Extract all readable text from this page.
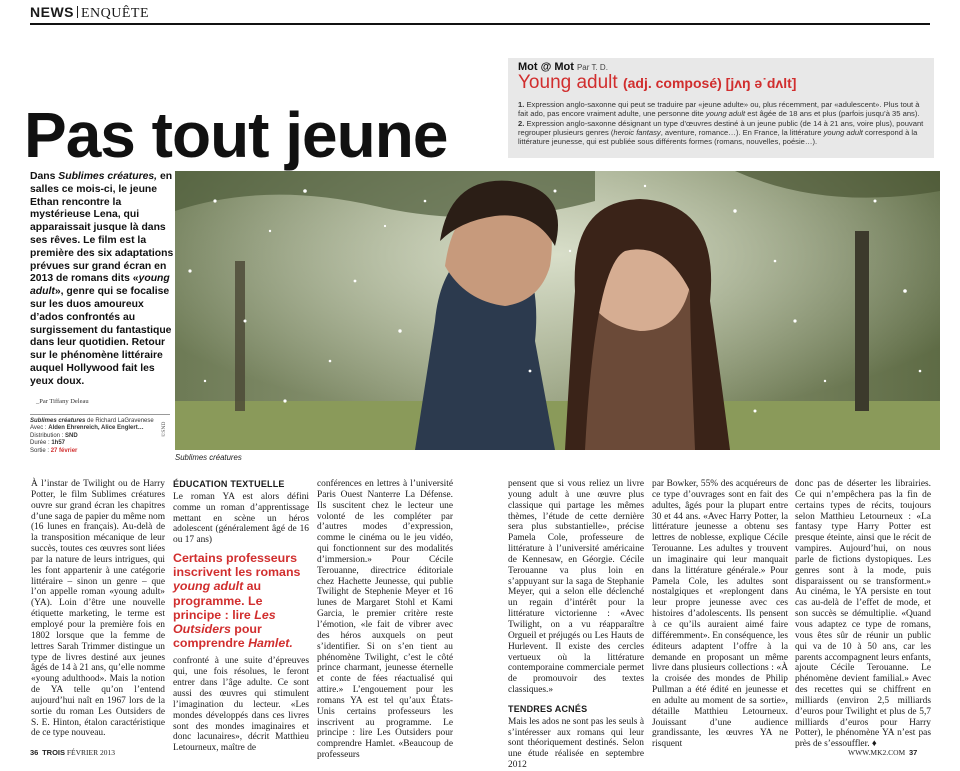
NEWS ENQUÊTE
Pas tout jeune
Mot @ Mot Par T. D.
Young adult (adj. composé) [jʌŋ ə˙dʌlt]
1. Expression anglo-saxonne qui peut se traduire par «jeune adulte» ou, plus récemment, par «adulescent». Plus tout à fait ado, pas encore vraiment adulte, une personne dite young adult est âgée de 18 ans et plus (parfois jusqu’à 35 ans).
2. Expression anglo-saxonne désignant un type d’œuvres destiné à un jeune public (de 14 à 21 ans, voire plus), pouvant regrouper plusieurs genres (heroic fantasy, aventure, romance…). En France, la littérature young adult correspond à la littérature jeunesse, qui est publiée sous différents formes (romans, nouvelles, poésie…).
Dans Sublimes créatures, en salles ce mois-ci, le jeune Ethan rencontre la mystérieuse Lena, qui apparaissait jusque là dans ses rêves. Le film est la première des six adaptations prévues sur grand écran en 2013 de romans dits «young adult», genre qui se focalise sur les duos amoureux d’ados confrontés au surgissement du fantastique dans leur quotidien. Retour sur le phénomène littéraire auquel Hollywood fait les yeux doux.
_Par Tiffany Deleau
Sublimes créatures de Richard LaGravenese
Avec : Alden Ehrenreich, Alice Englert…
Distribution : SND
Durée : 1h57
Sortie : 27 février
©SND
Sublimes créatures

À l’instar de Twilight ou de Harry Potter, le film Sublimes créatures ouvre sur grand écran les chapitres d’une saga de papier du même nom (16 lunes en français). Au-delà de la transposition mécanique de leur succès, toutes ces œuvres sont liées par la nature de leurs intrigues, qui les font appartenir à une catégorie littéraire – sinon un genre – que l’on appelle roman «young adult» (YA). Loin d’être une nouvelle étiquette marketing, le terme est employé pour la première fois en 1802 lorsque que la femme de lettres Sarah Trimmer distingue un type de livres destiné aux jeunes âgés de 14 à 21 ans, qu’elle nomme «young adulthood». Mais la notion de YA telle qu’on l’entend aujourd’hui naît en 1967 lors de la sortie du roman Les Outsiders de S. E. Hinton, étalon caractéristique de ce type nouveau.

ÉDUCATION TEXTUELLE

Le roman YA est alors défini comme un roman d’apprentissage mettant en scène un héros adolescent (généralement âgé de 16 ou 17 ans)

Certains professeurs inscrivent les romans young adult au programme. Le principe : lire Les Outsiders pour comprendre Hamlet.

confronté à une suite d’épreuves qui, une fois résolues, le feront entrer dans l’âge adulte. Ce sont aussi des œuvres qui stimulent l’imagination du lecteur. «Les mondes développés dans ces livres sont des mondes imaginaires et donc lacunaires», décrit Matthieu Letourneux, maître de

conférences en lettres à l’université Paris Ouest Nanterre La Défense. Ils suscitent chez le lecteur une volonté de les compléter par d’autres modes d’expression, comme le cinéma ou le jeu vidéo, qui fonctionnent sur des modalités d’immersion.» Pour Cécile Terouanne, directrice éditoriale chez Hachette Jeunesse, qui publie Twilight de Stephenie Meyer et 16 lunes de Margaret Stohl et Kami Garcia, le premier critère reste l’émotion, «le fait de vibrer avec des héros auxquels on peut s’identifier. Si on s’en tient au phénomène Twilight, c’est le côté prince charmant, jeunesse éternelle et conte de fées réactualisé qui attire.» L’engouement pour les romans YA est tel qu’aux États-Unis certains professeurs les inscrivent au programme. Le principe : lire Les Outsiders pour comprendre Hamlet. «Beaucoup de professeurs

pensent que si vous reliez un livre young adult à une œuvre plus classique qui partage les mêmes thèmes, l’étude de cette dernière sera plus substantielle», précise Pamela Cole, professeure de littérature à l’université américaine de Kennesaw, en Géorgie. Cécile Terouanne va plus loin en s’appuyant sur la saga de Stephanie Meyer, qui a selon elle déclenché un regain d’intérêt pour la littérature victorienne : «Avec Twilight, on a vu réapparaître Orgueil et préjugés ou Les Hauts de Hurlevent. Il existe des cercles vertueux où la littérature contemporaine commerciale permet de promouvoir des textes classiques.»

TENDRES ACNÉS

Mais les ados ne sont pas les seuls à s’intéresser aux romans qui leur sont théoriquement destinés. Selon une étude réalisée en septembre 2012

par Bowker, 55% des acquéreurs de ce type d’ouvrages sont en fait des adultes, âgés pour la plupart entre 30 et 44 ans. «Avec Harry Potter, la littérature jeunesse a obtenu ses lettres de noblesse, explique Cécile Terouanne. Les adultes y trouvent un imaginaire qui leur manquait dans la littérature générale.» Pour Pamela Cole, les adultes sont nostalgiques et «replongent dans leur propre jeunesse avec ces histoires d’adolescents. Ils pensent à ce qu’ils auraient aimé faire différemment». En conséquence, les éditeurs adaptent l’offre à la demande en proposant un même livre dans plusieurs collections : «À la croisée des mondes de Philip Pullman a été édité en jeunesse et en adulte au moment de sa sortie», détaille Matthieu Letourneux. Jouissant d’une audience grandissante, les œuvres YA ne risquent

donc pas de déserter les librairies. Ce qui n’empêchera pas la fin de certains types de récits, toujours selon Matthieu Letourneux : «La fantasy type Harry Potter est presque éteinte, ainsi que le récit de vampires. Aujourd’hui, on nous parle de fictions dystopiques. Les genres sont à la mode, puis disparaissent ou se transforment.» Au cinéma, le YA persiste en tout cas au-delà de l’effet de mode, et son succès se démultiplie. «Quand vous adaptez ce type de romans, vous êtes sûr de réunir un public qui va de 10 à 50 ans, car les parents accompagnent leurs enfants, ajoute Cécile Terouanne. Le phénomène devient familial.» Avec des recettes qui se chiffrent en milliards (environ 2,5 milliards d’euros pour Twilight et plus de 5,7 milliards d’euros pour Harry Potter), le phénomène YA n’est pas près de s’essouffler. ♦

36 TROIS FÉVRIER 2013	WWW.MK2.COM 37
